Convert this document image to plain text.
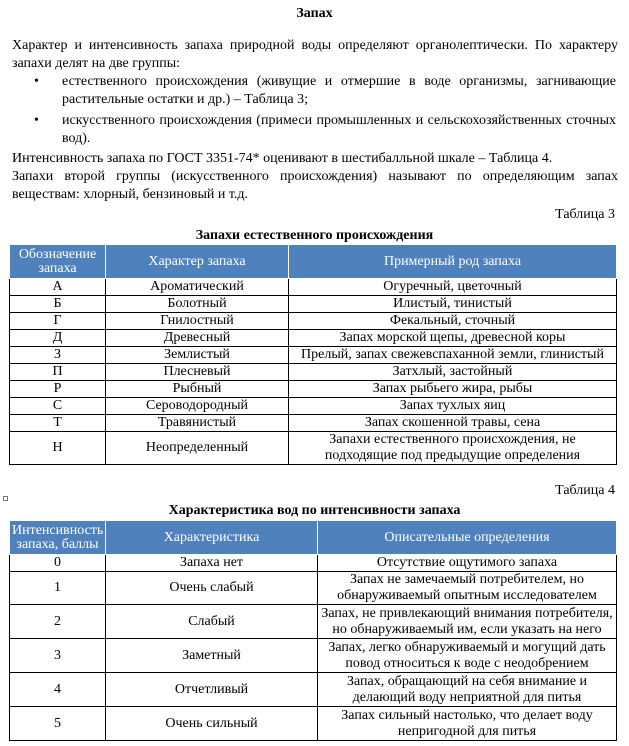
Запах
Характер и интенсивность запаха природной воды определяют органолептически. По характеру запахи делят на две группы:
• естественного происхождения (живущие и отмершие в воде организмы, загнивающие растительные остатки и др.) – Таблица 3;
• искусственного происхождения (примеси промышленных и сельскохозяйственных сточных вод).
Интенсивность запаха по ГОСТ 3351-74* оценивают в шестибалльной шкале – Таблица 4.
Запахи второй группы (искусственного происхождения) называют по определяющим запах веществам: хлорный, бензиновый и т.д.
Таблица 3
Запахи естественного происхождения
Обозначение запаха	Характер запаха	Примерный род запаха
А	Ароматический	Огуречный, цветочный
Б	Болотный	Илистый, тинистый
Г	Гнилостный	Фекальный, сточный
Д	Древесный	Запах морской щепы, древесной коры
З	Землистый	Прелый, запах свежевспаханной земли, глинистый
П	Плесневый	Затхлый, застойный
Р	Рыбный	Запах рыбьего жира, рыбы
С	Сероводородный	Запах тухлых яиц
Т	Травянистый	Запах скошенной травы, сена
Н	Неопределенный	Запахи естественного происхождения, не подходящие под предыдущие определения
Таблица 4
Характеристика вод по интенсивности запаха
Интенсивность запаха, баллы	Характеристика	Описательные определения
0	Запаха нет	Отсутствие ощутимого запаха
1	Очень слабый	Запах не замечаемый потребителем, но обнаруживаемый опытным исследователем
2	Слабый	Запах, не привлекающий внимания потребителя, но обнаруживаемый им, если указать на него
3	Заметный	Запах, легко обнаруживаемый и могущий дать повод относиться к воде с неодобрением
4	Отчетливый	Запах, обращающий на себя внимание и делающий воду неприятной для питья
5	Очень сильный	Запах сильный настолько, что делает воду непригодной для питья
